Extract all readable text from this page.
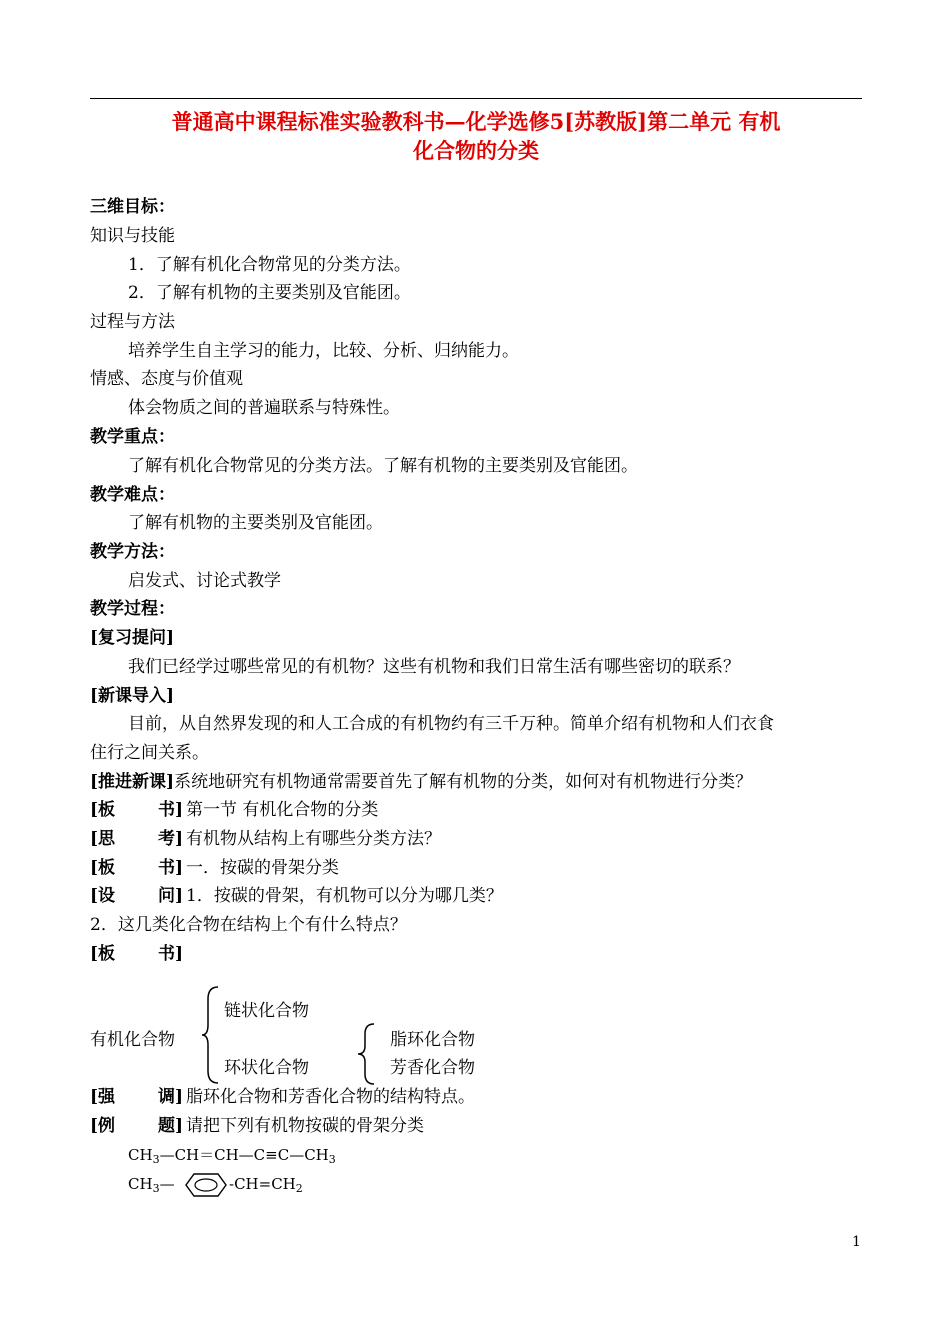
普通高中课程标准实验教科书—化学选修5[苏教版]第二单元 有机
化合物的分类
三维目标：
知识与技能
1．了解有机化合物常见的分类方法。
2．了解有机物的主要类别及官能团。
过程与方法
培养学生自主学习的能力，比较、分析、归纳能力。
情感、态度与价值观
体会物质之间的普遍联系与特殊性。
教学重点：
了解有机化合物常见的分类方法。了解有机物的主要类别及官能团。
教学难点：
了解有机物的主要类别及官能团。
教学方法：
启发式、讨论式教学
教学过程：
[复习提问]
我们已经学过哪些常见的有机物？这些有机物和我们日常生活有哪些密切的联系？
[新课导入]
目前，从自然界发现的和人工合成的有机物约有三千万种。简单介绍有机物和人们衣食
住行之间关系。
[推进新课]系统地研究有机物通常需要首先了解有机物的分类，如何对有机物进行分类？
[板	书] 第一节 有机化合物的分类
[思	考] 有机物从结构上有哪些分类方法？
[板	书] 一．按碳的骨架分类
[设	问] 1．按碳的骨架，有机物可以分为哪几类？
2．这几类化合物在结构上个有什么特点？
[板	书]
有机化合物
链状化合物
环状化合物
脂环化合物
芳香化合物
[强	调] 脂环化合物和芳香化合物的结构特点。
[例	题] 请把下列有机物按碳的骨架分类
$CH_3—CH=CH—C\equiv C—CH_3$
$CH_3—$	$-CH=CH_2$
1
